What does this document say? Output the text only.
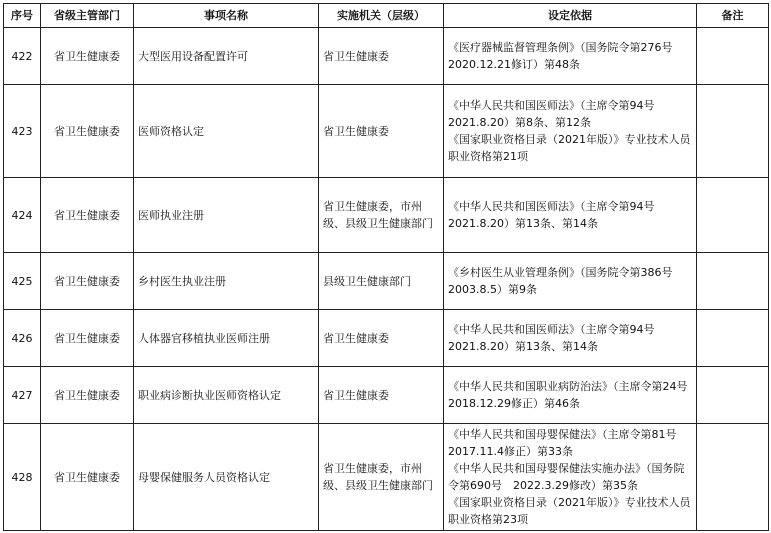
序号	省级主管部门	事项名称	实施机关（层级）	设定依据	备注
422	省卫生健康委	大型医用设备配置许可	省卫生健康委	《医疗器械监督管理条例》（国务院令第276号　2020.12.21修订）第48条	

423	省卫生健康委	医师资格认定	省卫生健康委	《中华人民共和国医师法》（主席令第94号　2021.8.20）第8条、第12条
《国家职业资格目录（2021年版）》专业技术人员职业资格第21项	

424	省卫生健康委	医师执业注册	省卫生健康委，市州级、县级卫生健康部门	《中华人民共和国医师法》（主席令第94号　2021.8.20）第13条、第14条	

425	省卫生健康委	乡村医生执业注册	县级卫生健康部门	《乡村医生从业管理条例》（国务院令第386号　2003.8.5）第9条	

426	省卫生健康委	人体器官移植执业医师注册	省卫生健康委	《中华人民共和国医师法》（主席令第94号　2021.8.20）第13条、第14条	

427	省卫生健康委	职业病诊断执业医师资格认定	省卫生健康委	《中华人民共和国职业病防治法》（主席令第24号　2018.12.29修正）第46条	

428	省卫生健康委	母婴保健服务人员资格认定	省卫生健康委，市州级、县级卫生健康部门	《中华人民共和国母婴保健法》（主席令第81号　2017.11.4修正）第33条
《中华人民共和国母婴保健法实施办法》（国务院令第690号　2022.3.29修改）第35条
《国家职业资格目录（2021年版）》专业技术人员职业资格第23项	
